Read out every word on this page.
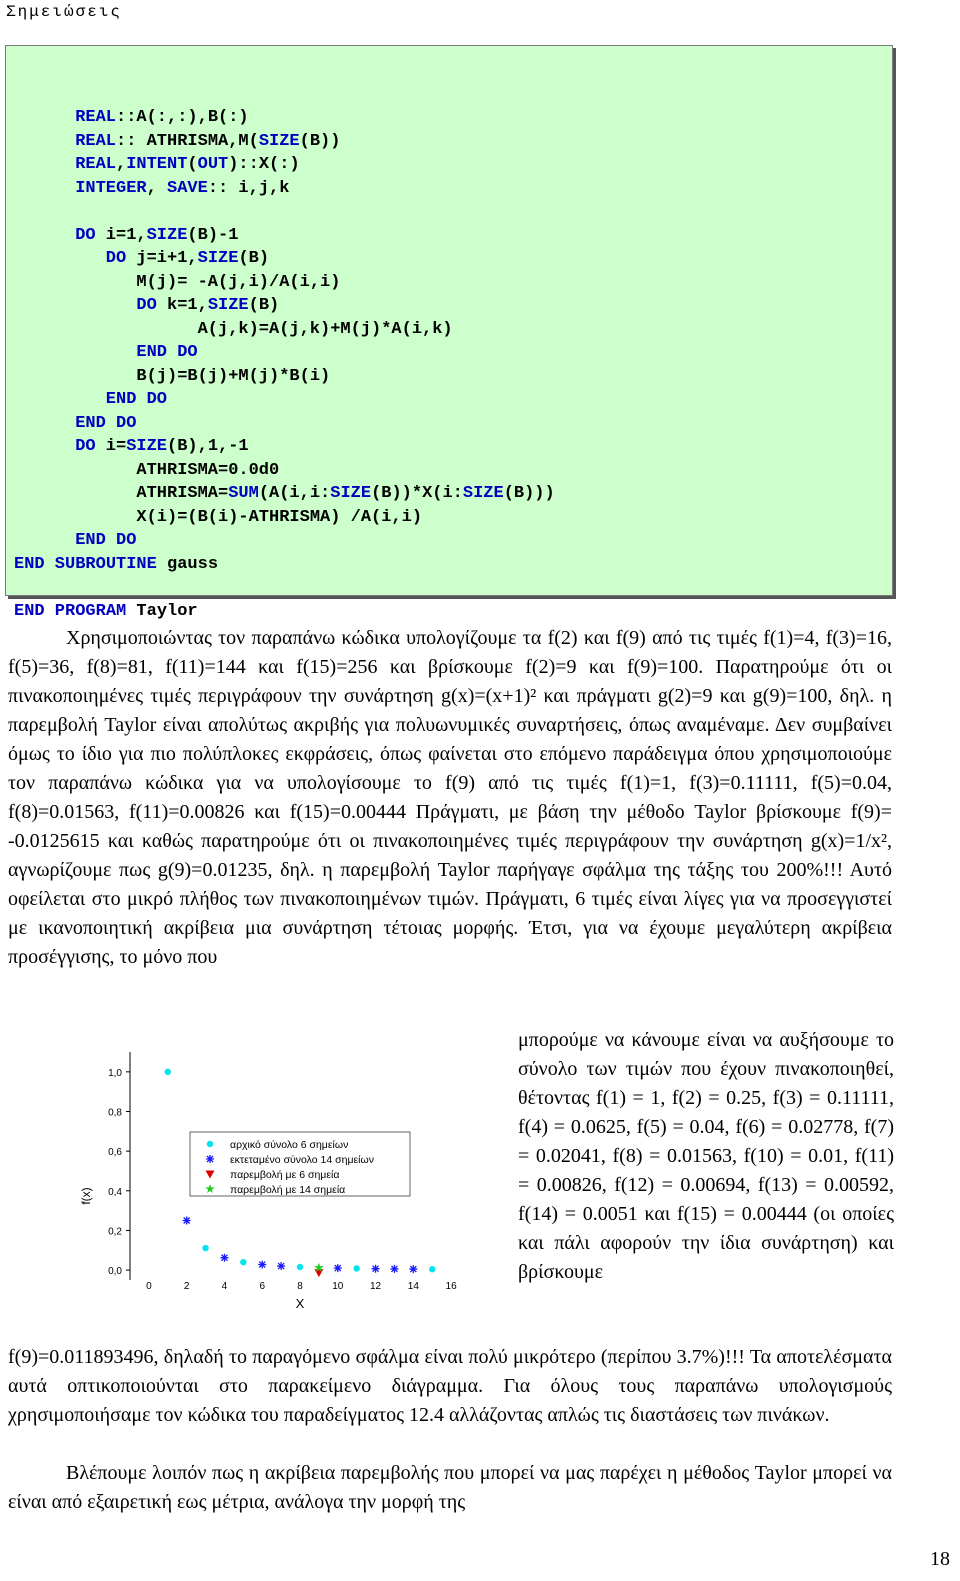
Σημειώσεις
REAL::A(:,:),B(:)
REAL:: ATHRISMA,M(SIZE(B))
REAL,INTENT(OUT)::X(:)
INTEGER, SAVE:: i,j,k

DO i=1,SIZE(B)-1
DO j=i+1,SIZE(B)
M(j)= -A(j,i)/A(i,i)
DO k=1,SIZE(B)
A(j,k)=A(j,k)+M(j)*A(i,k)
END DO
B(j)=B(j)+M(j)*B(i)
END DO
END DO
DO i=SIZE(B),1,-1
ATHRISMA=0.0d0
ATHRISMA=SUM(A(i,i:SIZE(B))*X(i:SIZE(B)))
X(i)=(B(i)-ATHRISMA) /A(i,i)
END DO
END SUBROUTINE gauss

END PROGRAM Taylor
Χρησιμοποιώντας τον παραπάνω κώδικα υπολογίζουμε τα f(2) και f(9) από τις τιμές f(1)=4, f(3)=16, f(5)=36, f(8)=81, f(11)=144 και f(15)=256 και βρίσκουμε f(2)=9 και f(9)=100. Παρατηρούμε ότι οι πινακοποιημένες τιμές περιγράφουν την συνάρτηση g(x)=(x+1)² και πράγματι g(2)=9 και g(9)=100, δηλ. η παρεμβολή Taylor είναι απολύτως ακριβής για πολυωνυμικές συναρτήσεις, όπως αναμέναμε. Δεν συμβαίνει όμως το ίδιο για πιο πολύπλοκες εκφράσεις, όπως φαίνεται στο επόμενο παράδειγμα όπου χρησιμοποιούμε τον παραπάνω κώδικα για να υπολογίσουμε το f(9) από τις τιμές f(1)=1, f(3)=0.11111, f(5)=0.04, f(8)=0.01563, f(11)=0.00826 και f(15)=0.00444 Πράγματι, με βάση την μέθοδο Taylor βρίσκουμε f(9)= -0.0125615 και καθώς παρατηρούμε ότι οι πινακοποιημένες τιμές περιγράφουν την συνάρτηση g(x)=1/x², αγνωρίζουμε πως g(9)=0.01235, δηλ. η παρεμβολή Taylor παρήγαγε σφάλμα της τάξης του 200%!!! Αυτό οφείλεται στο μικρό πλήθος των πινακοποιημένων τιμών. Πράγματι, 6 τιμές είναι λίγες για να προσεγγιστεί με ικανοποιητική ακρίβεια μια συνάρτηση τέτοιας μορφής. Έτσι, για να έχουμε μεγαλύτερη ακρίβεια προσέγγισης, το μόνο που
μπορούμε να κάνουμε είναι να αυξήσουμε το σύνολο των τιμών που έχουν πινακοποιηθεί, θέτοντας f(1) = 1, f(2) = 0.25, f(3) = 0.11111, f(4) = 0.0625, f(5) = 0.04, f(6) = 0.02778, f(7) = 0.02041, f(8) = 0.01563, f(10) = 0.01, f(11) = 0.00826, f(12) = 0.00694, f(13) = 0.00592, f(14) = 0.0051 και f(15) = 0.00444 (οι οποίες και πάλι αφορούν την ίδια συνάρτηση) και βρίσκουμε
0,0
0,2
0,4
0,6
0,8
1,0
0	2	4	6	8	10	12	14	16
X
f(x)
αρχικό σύνολο 6 σημείων
εκτεταμένο σύνολο 14 σημείων
παρεμβολή με 6 σημεία
παρεμβολή με 14 σημεία
f(9)=0.011893496, δηλαδή το παραγόμενο σφάλμα είναι πολύ μικρότερο (περίπου 3.7%)!!! Τα αποτελέσματα αυτά οπτικοποιούνται στο παρακείμενο διάγραμμα. Για όλους τους παραπάνω υπολογισμούς χρησιμοποιήσαμε τον κώδικα του παραδείγματος 12.4 αλλάζοντας απλώς τις διαστάσεις των πινάκων.
Βλέπουμε λοιπόν πως η ακρίβεια παρεμβολής που μπορεί να μας παρέχει η μέθοδος Taylor μπορεί να είναι από εξαιρετική εως μέτρια, ανάλογα την μορφή της
18
